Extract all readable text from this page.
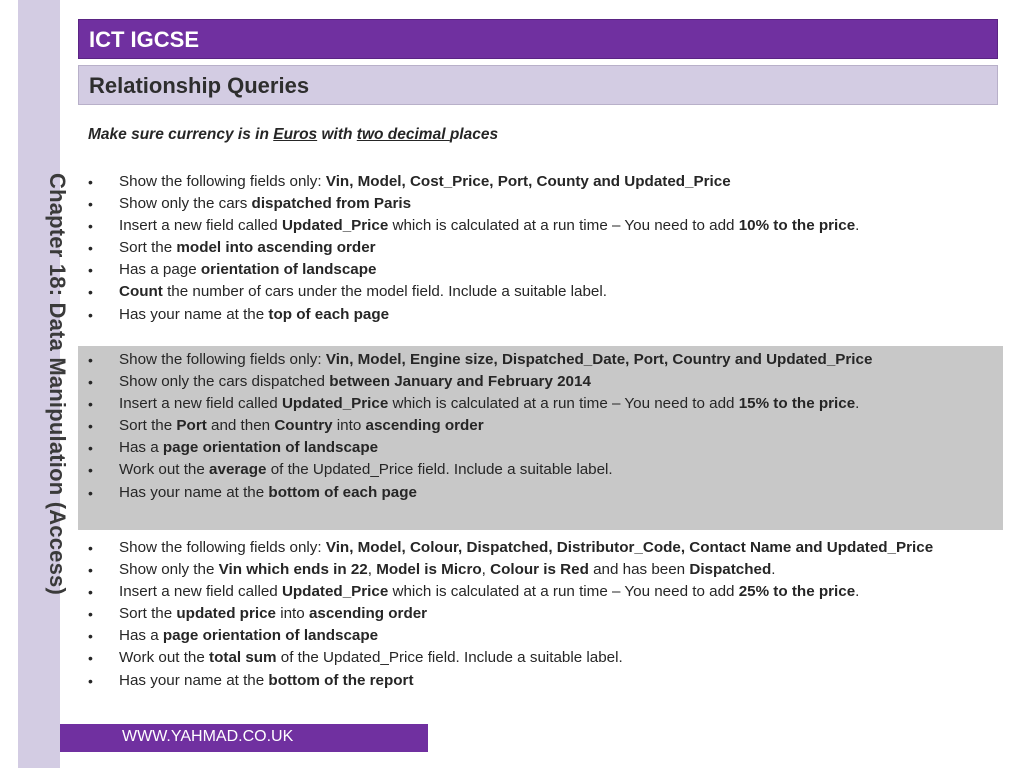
Chapter 18: Data Manipulation (Access)
ICT IGCSE
Relationship Queries
Make sure currency is in Euros with two decimal places
• Show the following fields only: Vin, Model, Cost_Price, Port, County and Updated_Price
• Show only the cars dispatched from Paris
• Insert a new field called Updated_Price which is calculated at a run time – You need to add 10% to the price.
• Sort the model into ascending order
• Has a page orientation of landscape
• Count the number of cars under the model field. Include a suitable label.
• Has your name at the top of each page
• Show the following fields only: Vin, Model, Engine size, Dispatched_Date, Port, Country and Updated_Price
• Show only the cars dispatched between January and February 2014
• Insert a new field called Updated_Price which is calculated at a run time – You need to add 15% to the price.
• Sort the Port and then Country into ascending order
• Has a page orientation of landscape
• Work out the average of the Updated_Price field. Include a suitable label.
• Has your name at the bottom of each page
• Show the following fields only: Vin, Model, Colour, Dispatched, Distributor_Code, Contact Name and Updated_Price
• Show only the Vin which ends in 22, Model is Micro, Colour is Red and has been Dispatched.
• Insert a new field called Updated_Price which is calculated at a run time – You need to add 25% to the price.
• Sort the updated price into ascending order
• Has a page orientation of landscape
• Work out the total sum of the Updated_Price field. Include a suitable label.
• Has your name at the bottom of the report
WWW.YAHMAD.CO.UK
